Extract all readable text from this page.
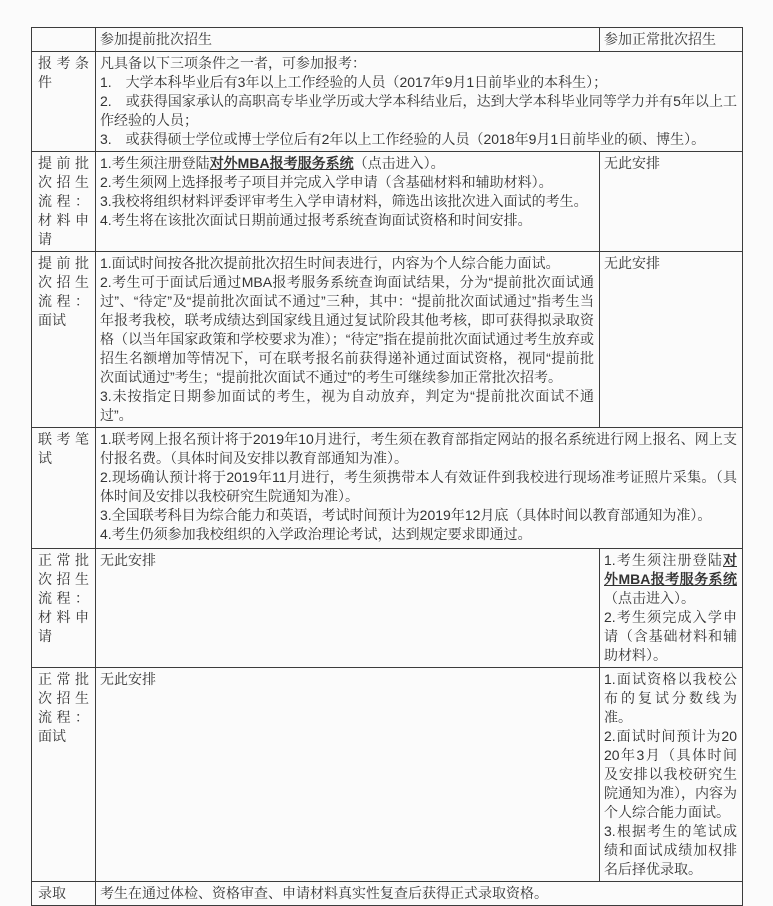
	参加提前批次招生	参加正常批次招生
报考条件	凡具备以下三项条件之一者，可参加报考：
1.　大学本科毕业后有3年以上工作经验的人员（2017年9月1日前毕业的本科生）；
2.　或获得国家承认的高职高专毕业学历或大学本科结业后，达到大学本科毕业同等学力并有5年以上工作经验的人员；
3.　或获得硕士学位或博士学位后有2年以上工作经验的人员（2018年9月1日前毕业的硕、博生）。	

提前批次招生流程：材料申请	1.考生须注册登陆对外MBA报考服务系统（点击进入）。
2.考生须网上选择报考子项目并完成入学申请（含基础材料和辅助材料）。
3.我校将组织材料评委评审考生入学申请材料，筛选出该批次进入面试的考生。
4.考生将在该批次面试日期前通过报考系统查询面试资格和时间安排。	无此安排

提前批次招生流程：面试	1.面试时间按各批次提前批次招生时间表进行，内容为个人综合能力面试。
2.考生可于面试后通过MBA报考服务系统查询面试结果，分为“提前批次面试通过”、“待定”及“提前批次面试不通过”三种，其中：“提前批次面试通过”指考生当年报考我校，联考成绩达到国家线且通过复试阶段其他考核，即可获得拟录取资格（以当年国家政策和学校要求为准）；“待定”指在提前批次面试通过考生放弃或招生名额增加等情况下，可在联考报名前获得递补通过面试资格，视同“提前批次面试通过”考生；“提前批次面试不通过”的考生可继续参加正常批次招考。
3.未按指定日期参加面试的考生，视为自动放弃，判定为“提前批次面试不通过”。	无此安排

联考笔试	1.联考网上报名预计将于2019年10月进行，考生须在教育部指定网站的报名系统进行网上报名、网上支付报名费。（具体时间及安排以教育部通知为准）。
2.现场确认预计将于2019年11月进行，考生须携带本人有效证件到我校进行现场准考证照片采集。（具体时间及安排以我校研究生院通知为准）。
3.全国联考科目为综合能力和英语，考试时间预计为2019年12月底（具体时间以教育部通知为准）。
4.考生仍须参加我校组织的入学政治理论考试，达到规定要求即通过。	

正常批次招生流程：材料申请	无此安排	1.考生须注册登陆对外MBA报考服务系统（点击进入）。
2.考生须完成入学申请（含基础材料和辅助材料）。

正常批次招生流程：面试	无此安排	1.面试资格以我校公布的复试分数线为准。
2.面试时间预计为2020年3月（具体时间及安排以我校研究生院通知为准），内容为个人综合能力面试。
3.根据考生的笔试成绩和面试成绩加权排名后择优录取。

录取	考生在通过体检、资格审查、申请材料真实性复查后获得正式录取资格。	
